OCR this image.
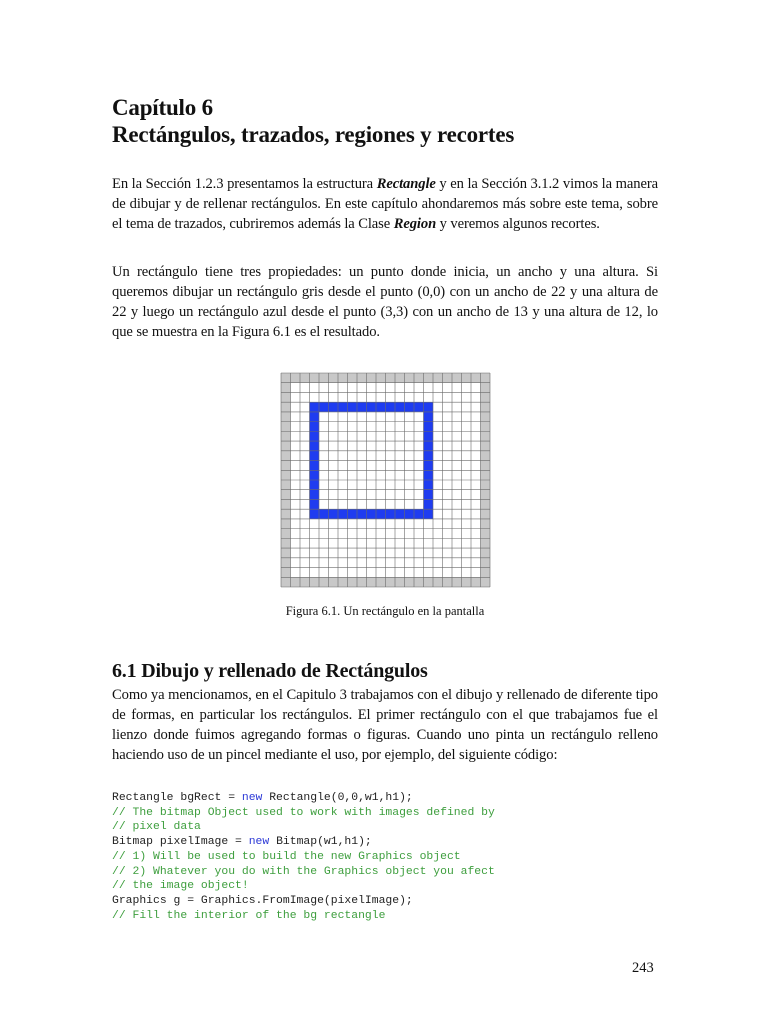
Capítulo 6
Rectángulos, trazados, regiones y recortes
En la Sección 1.2.3 presentamos la estructura Rectangle y en la Sección 3.1.2 vimos la manera de dibujar y de rellenar rectángulos. En este capítulo ahondaremos más sobre este tema, sobre el tema de trazados, cubriremos además la Clase Region y veremos algunos recortes.
Un rectángulo tiene tres propiedades: un punto donde inicia, un ancho y una altura. Si queremos dibujar un rectángulo gris desde el punto (0,0) con un ancho de 22 y una altura de 22 y luego un rectángulo azul desde el punto (3,3) con un ancho de 13 y una altura de 12, lo que se muestra en la Figura 6.1 es el resultado.
Figura 6.1. Un rectángulo en la pantalla
6.1 Dibujo y rellenado de Rectángulos
Como ya mencionamos, en el Capitulo 3 trabajamos con el dibujo y rellenado de diferente tipo de formas, en particular los rectángulos. El primer rectángulo con el que trabajamos fue el lienzo donde fuimos agregando formas o figuras. Cuando uno pinta un rectángulo relleno haciendo uso de un pincel mediante el uso, por ejemplo, del siguiente código:
Rectangle bgRect = new Rectangle(0,0,w1,h1);
// The bitmap Object used to work with images defined by
// pixel data
Bitmap pixelImage = new Bitmap(w1,h1);
// 1) Will be used to build the new Graphics object
// 2) Whatever you do with the Graphics object you afect
// the image object!
Graphics g = Graphics.FromImage(pixelImage);
// Fill the interior of the bg rectangle
243
